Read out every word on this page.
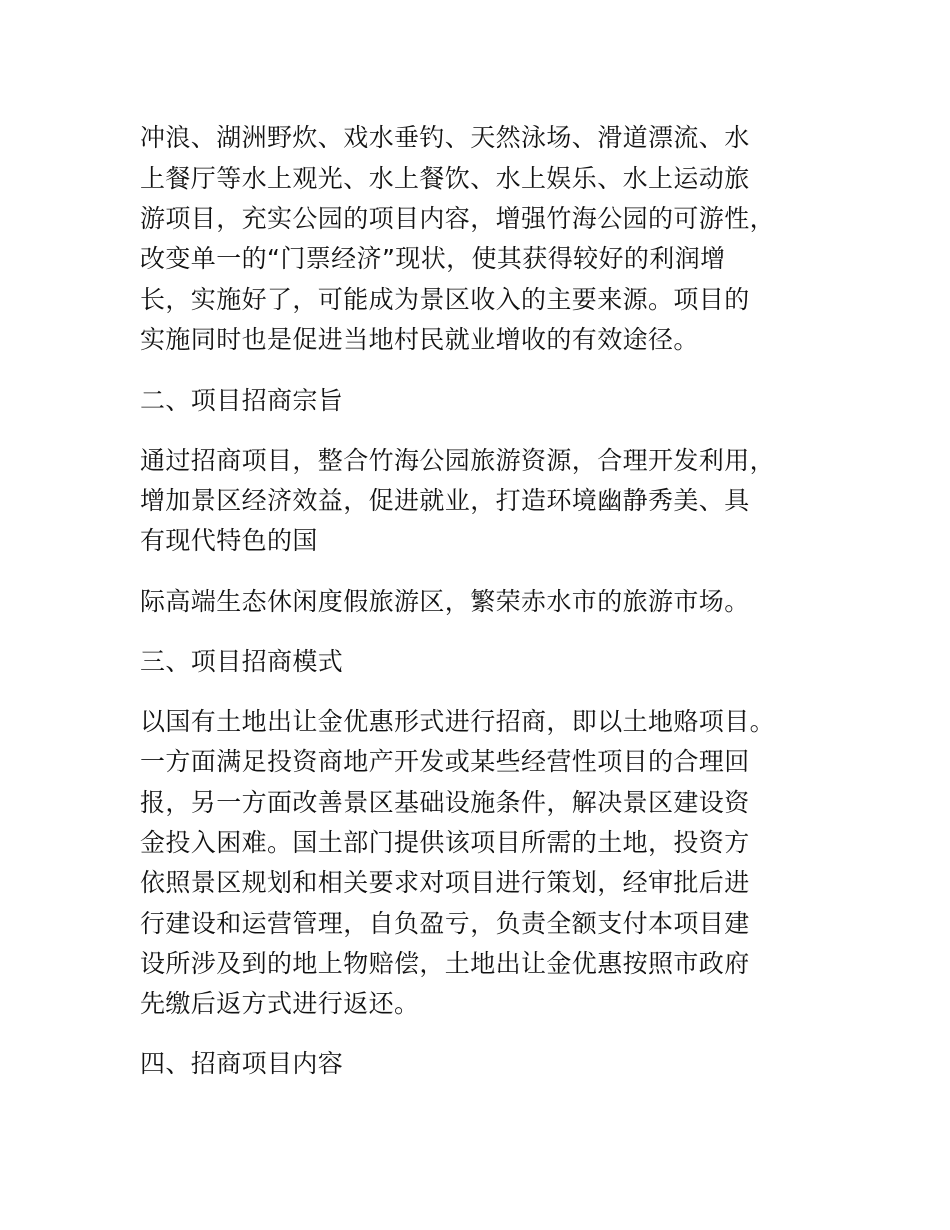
冲浪、湖洲野炊、戏水垂钓、天然泳场、滑道漂流、水
上餐厅等水上观光、水上餐饮、水上娱乐、水上运动旅
游项目，充实公园的项目内容，增强竹海公园的可游性，
改变单一的“门票经济”现状，使其获得较好的利润增
长，实施好了，可能成为景区收入的主要来源。项目的
实施同时也是促进当地村民就业增收的有效途径。
二、项目招商宗旨
通过招商项目，整合竹海公园旅游资源，合理开发利用，
增加景区经济效益，促进就业，打造环境幽静秀美、具
有现代特色的国
际高端生态休闲度假旅游区，繁荣赤水市的旅游市场。
三、项目招商模式
以国有土地出让金优惠形式进行招商，即以土地赂项目。
一方面满足投资商地产开发或某些经营性项目的合理回
报，另一方面改善景区基础设施条件，解决景区建设资
金投入困难。国土部门提供该项目所需的土地，投资方
依照景区规划和相关要求对项目进行策划，经审批后进
行建设和运营管理，自负盈亏，负责全额支付本项目建
设所涉及到的地上物赔偿，土地出让金优惠按照市政府
先缴后返方式进行返还。
四、招商项目内容
